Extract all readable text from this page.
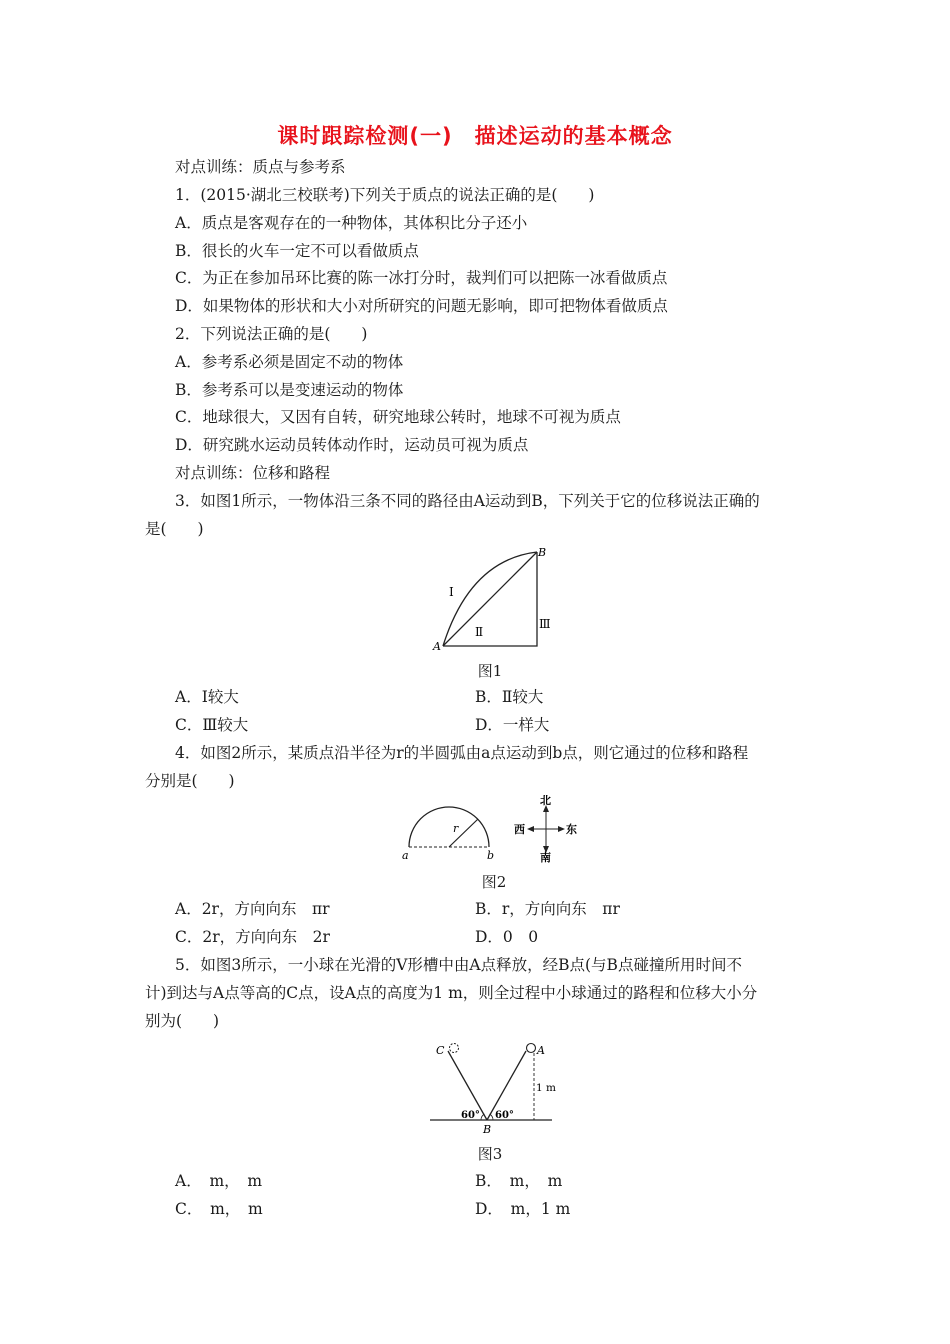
课时跟踪检测(一)　描述运动的基本概念
对点训练：质点与参考系
1．(2015·湖北三校联考)下列关于质点的说法正确的是(　　)
A．质点是客观存在的一种物体，其体积比分子还小
B．很长的火车一定不可以看做质点
C．为正在参加吊环比赛的陈一冰打分时，裁判们可以把陈一冰看做质点
D．如果物体的形状和大小对所研究的问题无影响，即可把物体看做质点
2．下列说法正确的是(　　)
A．参考系必须是固定不动的物体
B．参考系可以是变速运动的物体
C．地球很大，又因有自转，研究地球公转时，地球不可视为质点
D．研究跳水运动员转体动作时，运动员可视为质点
对点训练：位移和路程
3．如图1所示，一物体沿三条不同的路径由A运动到B，下列关于它的位移说法正确的
是(　　)
A
B
Ⅰ
Ⅱ
Ⅲ
图1
A．Ⅰ较大	B．Ⅱ较大
C．Ⅲ较大	D．一样大
4．如图2所示，某质点沿半径为r的半圆弧由a点运动到b点，则它通过的位移和路程
分别是(　　)
a	b
r
北
南
西	东
图2
A．2r，方向向东　πr	B．r，方向向东　πr
C．2r，方向向东　2r	D．0　0
5．如图3所示，一小球在光滑的V形槽中由A点释放，经B点(与B点碰撞所用时间不
计)到达与A点等高的C点，设A点的高度为1 m，则全过程中小球通过的路程和位移大小分
别为(　　)
C	A
B
1 m
60° 60°
图3
A．　m，　m	B．　m，　m
C．　m，　m	D．　m，1 m
